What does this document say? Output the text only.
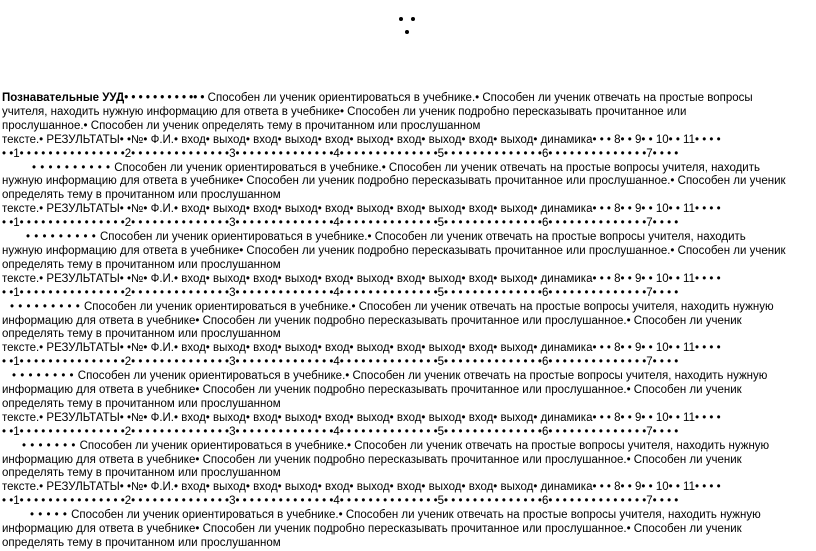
Познавательные УУД• • • • • • • • • •• • Способен ли ученик ориентироваться в учебнике.• Способен ли ученик отвечать на простые вопросы
учителя, находить нужную информацию для ответа в учебнике• Способен ли ученик подробно пересказывать прочитанное или
прослушанное.• Способен ли ученик определять тему в прочитанном или прослушанном
тексте.• РЕЗУЛЬТАТЫ• •№• Ф.И.• вход• выход• вход• выход• вход• выход• вход• выход• вход• выход• динамика• • • 8• • 9• • 10• • 11• • • •
• •1• • • • • • • • • • • • • • •2• • • • • • • • • • • • • •3• • • • • • • • • • • • • •4• • • • • • • • • • • • • •5• • • • • • • • • • • • • •6• • • • • • • • • • • • • •7• • • •
• • • • • • • • • • Способен ли ученик ориентироваться в учебнике.• Способен ли ученик отвечать на простые вопросы учителя, находить
нужную информацию для ответа в учебнике• Способен ли ученик подробно пересказывать прочитанное или прослушанное.• Способен ли ученик
определять тему в прочитанном или прослушанном
тексте.• РЕЗУЛЬТАТЫ• •№• Ф.И.• вход• выход• вход• выход• вход• выход• вход• выход• вход• выход• динамика• • • 8• • 9• • 10• • 11• • • •
• •1• • • • • • • • • • • • • • •2• • • • • • • • • • • • • •3• • • • • • • • • • • • • •4• • • • • • • • • • • • • •5• • • • • • • • • • • • • •6• • • • • • • • • • • • • •7• • • •
• • • • • • • • • Способен ли ученик ориентироваться в учебнике.• Способен ли ученик отвечать на простые вопросы учителя, находить
нужную информацию для ответа в учебнике• Способен ли ученик подробно пересказывать прочитанное или прослушанное.• Способен ли ученик
определять тему в прочитанном или прослушанном
тексте.• РЕЗУЛЬТАТЫ• •№• Ф.И.• вход• выход• вход• выход• вход• выход• вход• выход• вход• выход• динамика• • • 8• • 9• • 10• • 11• • • •
• •1• • • • • • • • • • • • • • •2• • • • • • • • • • • • • •3• • • • • • • • • • • • • •4• • • • • • • • • • • • • •5• • • • • • • • • • • • • •6• • • • • • • • • • • • • •7• • • •
• • • • • • • • • Способен ли ученик ориентироваться в учебнике.• Способен ли ученик отвечать на простые вопросы учителя, находить нужную
информацию для ответа в учебнике• Способен ли ученик подробно пересказывать прочитанное или прослушанное.• Способен ли ученик
определять тему в прочитанном или прослушанном
тексте.• РЕЗУЛЬТАТЫ• •№• Ф.И.• вход• выход• вход• выход• вход• выход• вход• выход• вход• выход• динамика• • • 8• • 9• • 10• • 11• • • •
• •1• • • • • • • • • • • • • • •2• • • • • • • • • • • • • •3• • • • • • • • • • • • • •4• • • • • • • • • • • • • •5• • • • • • • • • • • • • •6• • • • • • • • • • • • • •7• • • •
• • • • • • • • Способен ли ученик ориентироваться в учебнике.• Способен ли ученик отвечать на простые вопросы учителя, находить нужную
информацию для ответа в учебнике• Способен ли ученик подробно пересказывать прочитанное или прослушанное.• Способен ли ученик
определять тему в прочитанном или прослушанном
тексте.• РЕЗУЛЬТАТЫ• •№• Ф.И.• вход• выход• вход• выход• вход• выход• вход• выход• вход• выход• динамика• • • 8• • 9• • 10• • 11• • • •
• •1• • • • • • • • • • • • • • •2• • • • • • • • • • • • • •3• • • • • • • • • • • • • •4• • • • • • • • • • • • • •5• • • • • • • • • • • • • •6• • • • • • • • • • • • • •7• • • •
• • • • • • • Способен ли ученик ориентироваться в учебнике.• Способен ли ученик отвечать на простые вопросы учителя, находить нужную
информацию для ответа в учебнике• Способен ли ученик подробно пересказывать прочитанное или прослушанное.• Способен ли ученик
определять тему в прочитанном или прослушанном
тексте.• РЕЗУЛЬТАТЫ• •№• Ф.И.• вход• выход• вход• выход• вход• выход• вход• выход• вход• выход• динамика• • • 8• • 9• • 10• • 11• • • •
• •1• • • • • • • • • • • • • • •2• • • • • • • • • • • • • •3• • • • • • • • • • • • • •4• • • • • • • • • • • • • •5• • • • • • • • • • • • • •6• • • • • • • • • • • • • •7• • • •
• • • • • Способен ли ученик ориентироваться в учебнике.• Способен ли ученик отвечать на простые вопросы учителя, находить нужную
информацию для ответа в учебнике• Способен ли ученик подробно пересказывать прочитанное или прослушанное.• Способен ли ученик
определять тему в прочитанном или прослушанном
